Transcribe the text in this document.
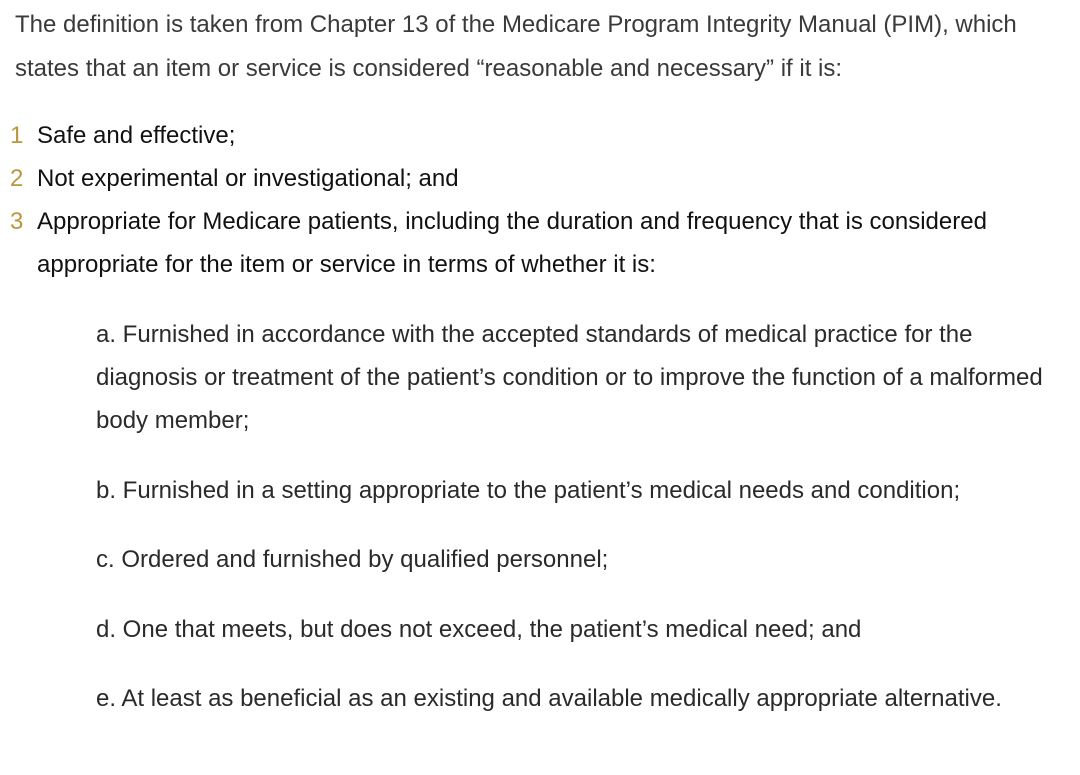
The definition is taken from Chapter 13 of the Medicare Program Integrity Manual (PIM), which states that an item or service is considered “reasonable and necessary” if it is:

1 Safe and effective;
2 Not experimental or investigational; and
3 Appropriate for Medicare patients, including the duration and frequency that is considered appropriate for the item or service in terms of whether it is:

a. Furnished in accordance with the accepted standards of medical practice for the diagnosis or treatment of the patient’s condition or to improve the function of a malformed body member;

b. Furnished in a setting appropriate to the patient’s medical needs and condition;

c. Ordered and furnished by qualified personnel;

d. One that meets, but does not exceed, the patient’s medical need; and

e. At least as beneficial as an existing and available medically appropriate alternative.
